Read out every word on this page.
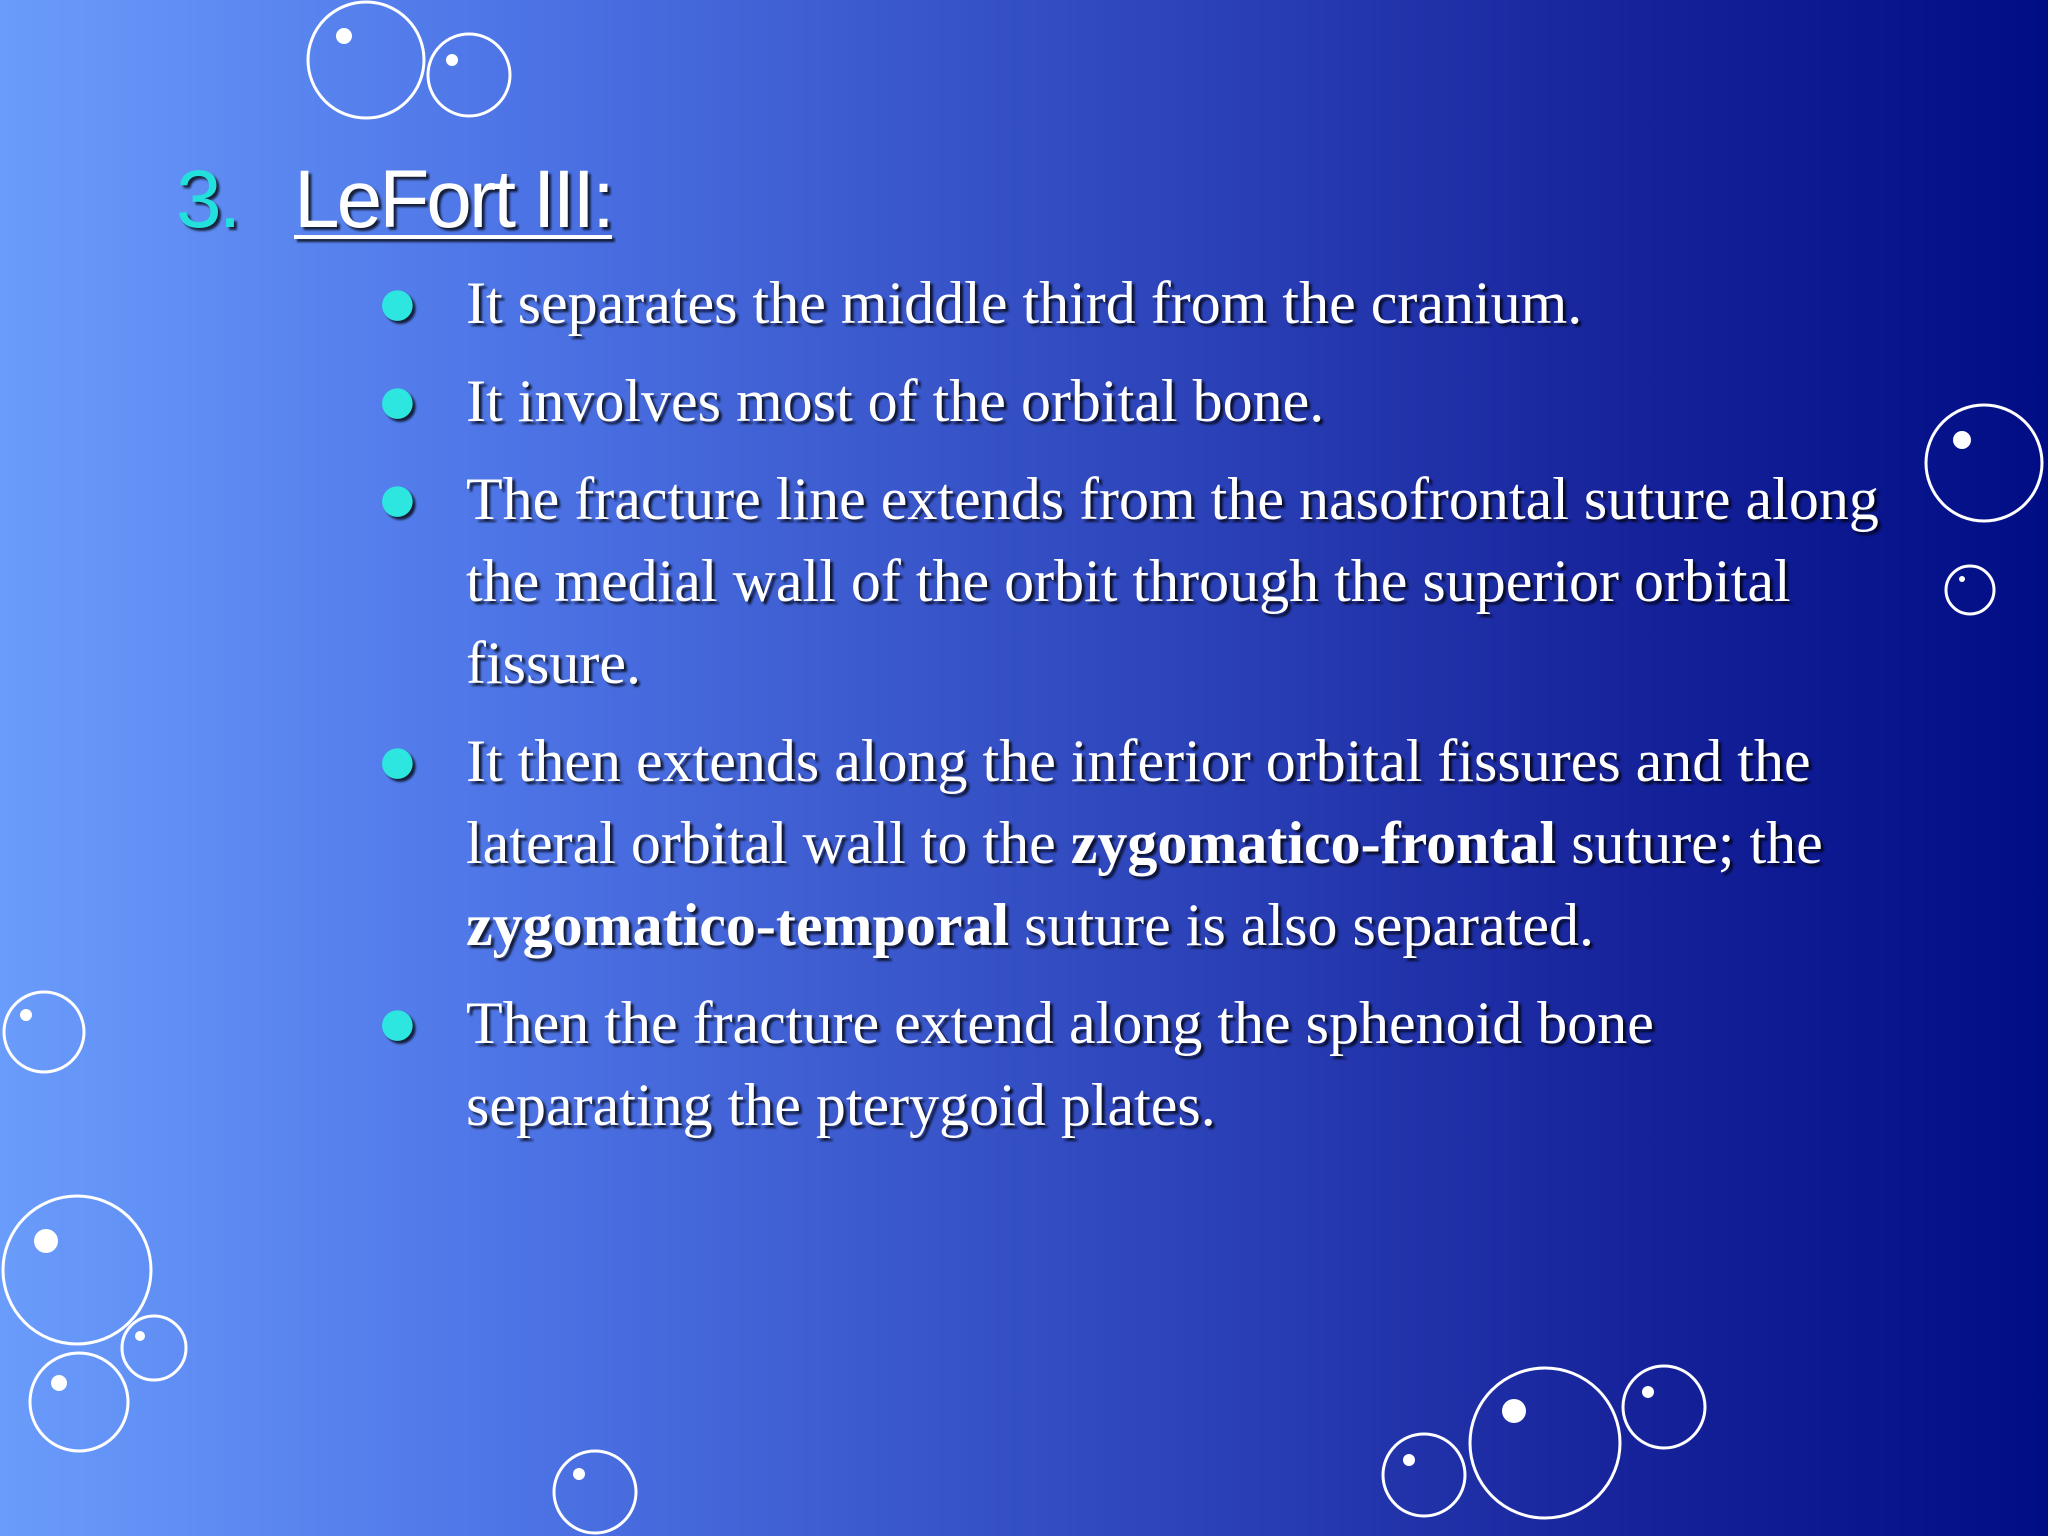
3. LeFort III:
● It separates the middle third from the cranium.
● It involves most of the orbital bone.
● The fracture line extends from the nasofrontal suture along the medial wall of the orbit through the superior orbital fissure.
● It then extends along the inferior orbital fissures and the lateral orbital wall to the zygomatico-frontal suture; the zygomatico-temporal suture is also separated.
● Then the fracture extend along the sphenoid bone separating the pterygoid plates.
